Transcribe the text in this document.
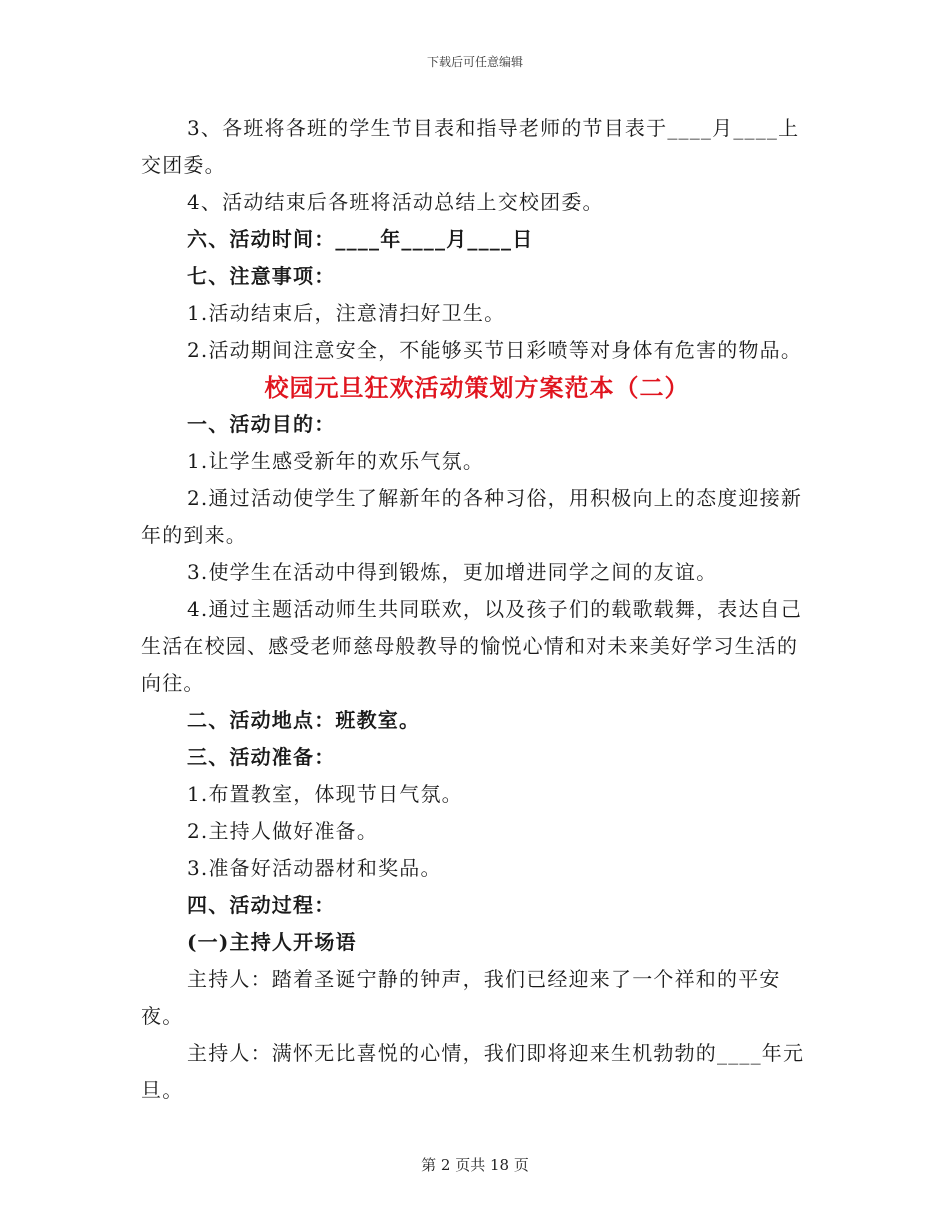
下载后可任意编辑

3、各班将各班的学生节目表和指导老师的节目表于____月____上交团委。

4、活动结束后各班将活动总结上交校团委。

六、活动时间：____年____月____日

七、注意事项：

1.活动结束后，注意清扫好卫生。

2.活动期间注意安全，不能够买节日彩喷等对身体有危害的物品。

校园元旦狂欢活动策划方案范本（二）

一、活动目的：

1.让学生感受新年的欢乐气氛。

2.通过活动使学生了解新年的各种习俗，用积极向上的态度迎接新年的到来。

3.使学生在活动中得到锻炼，更加增进同学之间的友谊。

4.通过主题活动师生共同联欢，以及孩子们的载歌载舞，表达自己生活在校园、感受老师慈母般教导的愉悦心情和对未来美好学习生活的向往。

二、活动地点：班教室。

三、活动准备：

1.布置教室，体现节日气氛。

2.主持人做好准备。

3.准备好活动器材和奖品。

四、活动过程：

(一)主持人开场语

主持人：踏着圣诞宁静的钟声，我们已经迎来了一个祥和的平安夜。

主持人：满怀无比喜悦的心情，我们即将迎来生机勃勃的____年元旦。

第 2 页共 18 页
